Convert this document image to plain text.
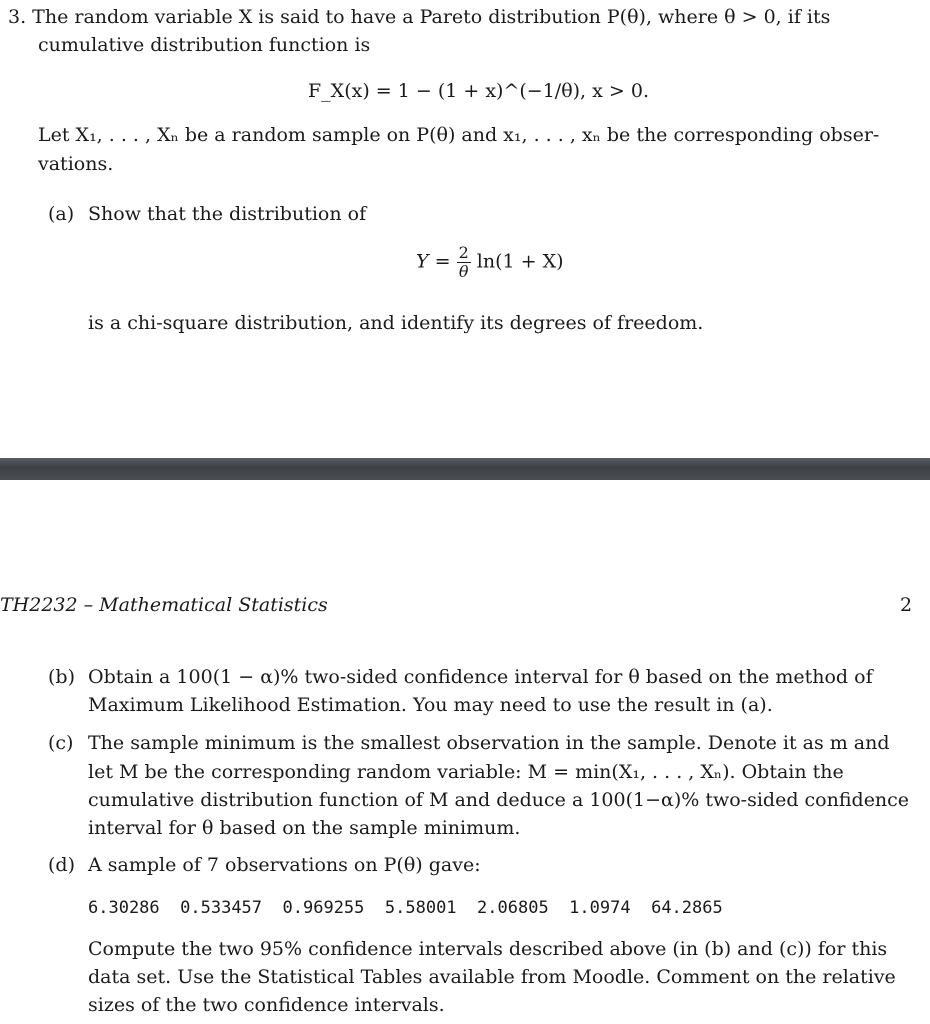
3. The random variable X is said to have a Pareto distribution P(θ), where θ > 0, if its
cumulative distribution function is
F_X(x) = 1 − (1 + x)^(−1/θ), x > 0.
Let X₁, . . . , Xₙ be a random sample on P(θ) and x₁, . . . , xₙ be the corresponding obser-
vations.
(a) Show that the distribution of
$Y = \frac{2}{\theta} \ln(1 + X)$
is a chi-square distribution, and identify its degrees of freedom.
TH2232 – Mathematical Statistics	2
(b) Obtain a 100(1 − α)% two-sided confidence interval for θ based on the method of
Maximum Likelihood Estimation. You may need to use the result in (a).
(c) The sample minimum is the smallest observation in the sample. Denote it as m and
let M be the corresponding random variable: M = min(X₁, . . . , Xₙ). Obtain the
cumulative distribution function of M and deduce a 100(1−α)% two-sided confidence
interval for θ based on the sample minimum.
(d) A sample of 7 observations on P(θ) gave:
6.30286 0.533457 0.969255 5.58001 2.06805 1.0974 64.2865
Compute the two 95% confidence intervals described above (in (b) and (c)) for this
data set. Use the Statistical Tables available from Moodle. Comment on the relative
sizes of the two confidence intervals.
